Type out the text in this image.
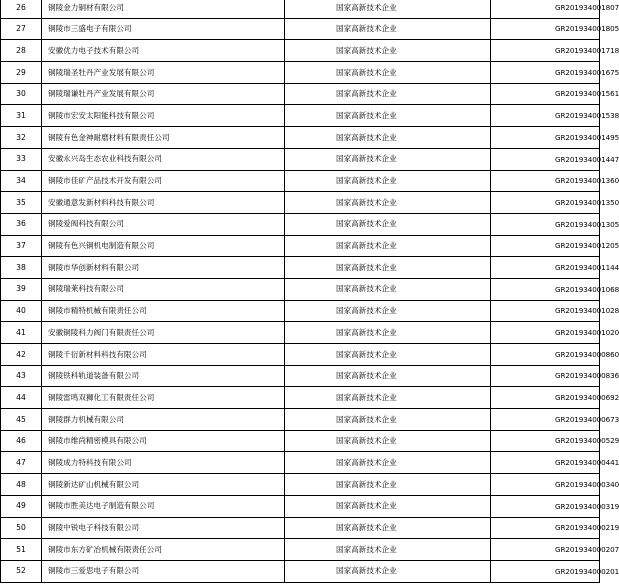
26	铜陵金力铜材有限公司	国家高新技术企业	GR201934001807
27	铜陵市三盛电子有限公司	国家高新技术企业	GR201934001805
28	安徽优力电子技术有限公司	国家高新技术企业	GR201934001718
29	铜陵瑞圣牡丹产业发展有限公司	国家高新技术企业	GR201934001675
30	铜陵瑞谦牡丹产业发展有限公司	国家高新技术企业	GR201934001561
31	铜陵市宏安太阳能科技有限公司	国家高新技术企业	GR201934001538
32	铜陵有色金神耐磨材料有限责任公司	国家高新技术企业	GR201934001495
33	安徽永兴岛生态农业科技有限公司	国家高新技术企业	GR201934001447
34	铜陵市佳矿产品技术开发有限公司	国家高新技术企业	GR201934001360
35	安徽通意发新材料科技有限公司	国家高新技术企业	GR201934001350
36	铜陵爱阀科技有限公司	国家高新技术企业	GR201934001305
37	铜陵有色兴铜机电制造有限公司	国家高新技术企业	GR201934001205
38	铜陵市华创新材料有限公司	国家高新技术企业	GR201934001144
39	铜陵瑞莱科技有限公司	国家高新技术企业	GR201934001068
40	铜陵市精特机械有限责任公司	国家高新技术企业	GR201934001028
41	安徽铜陵科力阀门有限责任公司	国家高新技术企业	GR201934001020
42	铜陵千衍新材料科技有限公司	国家高新技术企业	GR201934000860
43	铜陵铁科轨道装备有限公司	国家高新技术企业	GR201934000836
44	铜陵雷鸣双狮化工有限责任公司	国家高新技术企业	GR201934000692
45	铜陵群力机械有限公司	国家高新技术企业	GR201934000673
46	铜陵市维尚精密模具有限公司	国家高新技术企业	GR201934000529
47	铜陵成力特科技有限公司	国家高新技术企业	GR201934000441
48	铜陵新达矿山机械有限公司	国家高新技术企业	GR201934000340
49	铜陵市胜美达电子制造有限公司	国家高新技术企业	GR201934000319
50	铜陵中锐电子科技有限公司	国家高新技术企业	GR201934000219
51	铜陵市东方矿冶机械有限责任公司	国家高新技术企业	GR201934000207
52	铜陵市三爱思电子有限公司	国家高新技术企业	GR201934000201
